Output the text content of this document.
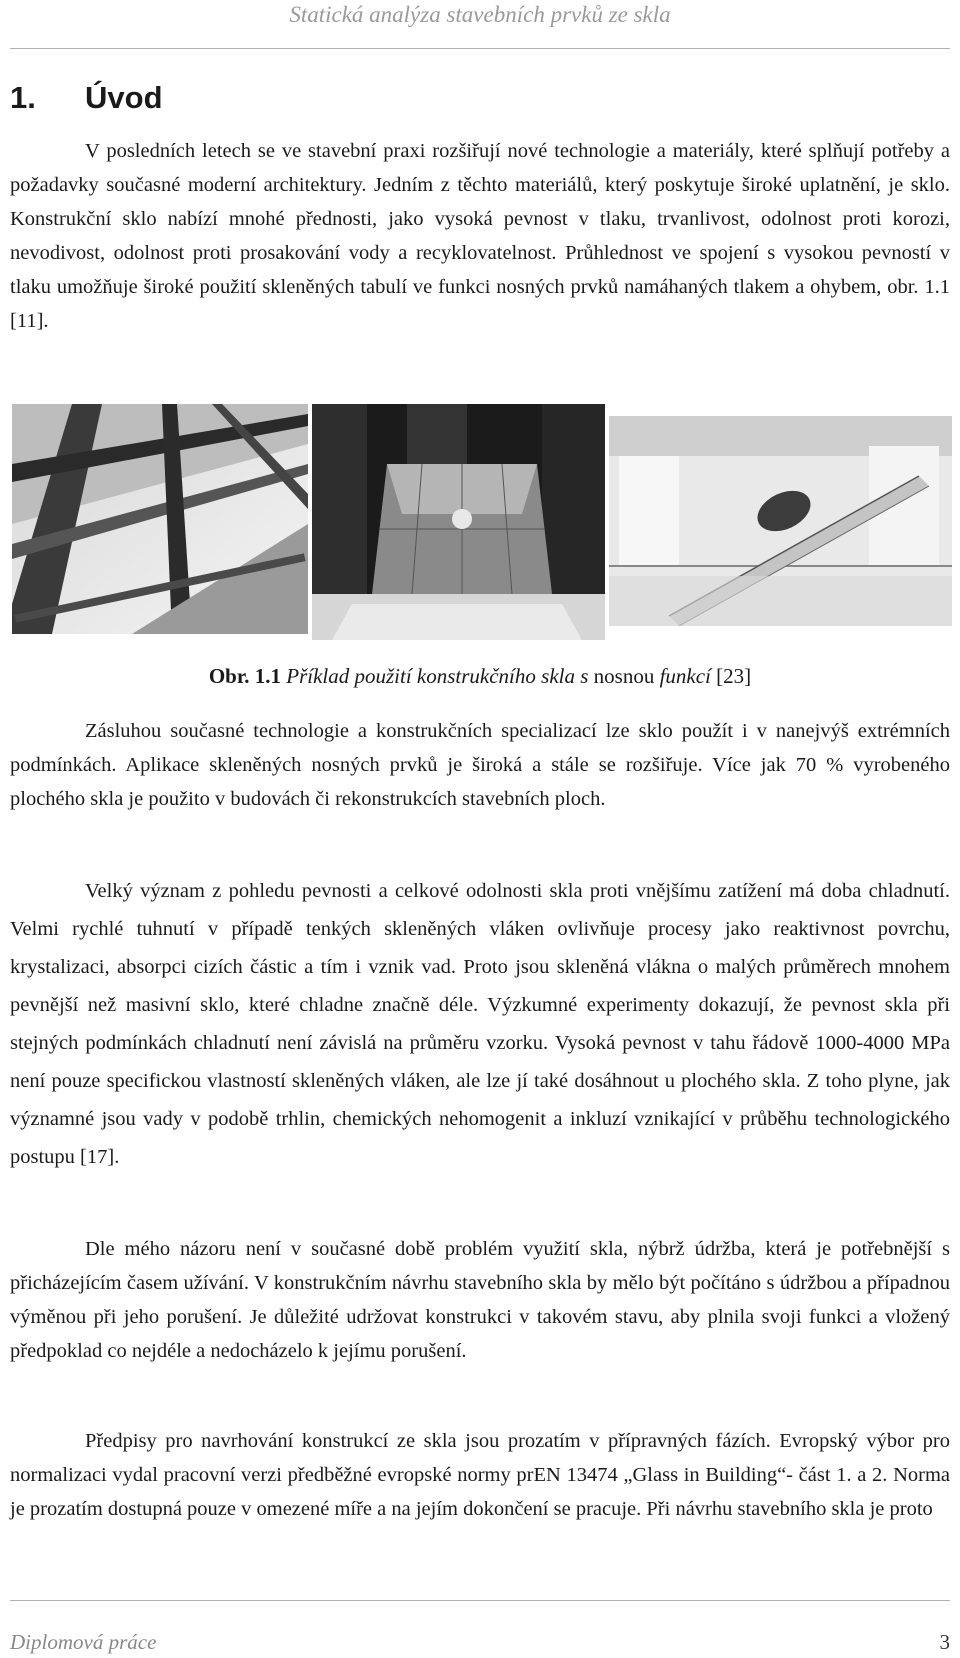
Statická analýza stavebních prvků ze skla
1. Úvod

V posledních letech se ve stavební praxi rozšiřují nové technologie a materiály, které splňují potřeby a požadavky současné moderní architektury. Jedním z těchto materiálů, který poskytuje široké uplatnění, je sklo. Konstrukční sklo nabízí mnohé přednosti, jako vysoká pevnost v tlaku, trvanlivost, odolnost proti korozi, nevodivost, odolnost proti prosakování vody a recyklovatelnost. Průhlednost ve spojení s vysokou pevností v tlaku umožňuje široké použití skleněných tabulí ve funkci nosných prvků namáhaných tlakem a ohybem, obr. 1.1 [11].

Obr. 1.1 Příklad použití konstrukčního skla s nosnou funkcí [23]

Zásluhou současné technologie a konstrukčních specializací lze sklo použít i v nanejvýš extrémních podmínkách. Aplikace skleněných nosných prvků je široká a stále se rozšiřuje. Více jak 70 % vyrobeného plochého skla je použito v budovách či rekonstrukcích stavebních ploch.

Velký význam z pohledu pevnosti a celkové odolnosti skla proti vnějšímu zatížení má doba chladnutí. Velmi rychlé tuhnutí v případě tenkých skleněných vláken ovlivňuje procesy jako reaktivnost povrchu, krystalizaci, absorpci cizích částic a tím i vznik vad. Proto jsou skleněná vlákna o malých průměrech mnohem pevnější než masivní sklo, které chladne značně déle. Výzkumné experimenty dokazují, že pevnost skla při stejných podmínkách chladnutí není závislá na průměru vzorku. Vysoká pevnost v tahu řádově 1000-4000 MPa není pouze specifickou vlastností skleněných vláken, ale lze jí také dosáhnout u plochého skla. Z toho plyne, jak významné jsou vady v podobě trhlin, chemických nehomogenit a inkluzí vznikající v průběhu technologického postupu [17].

Dle mého názoru není v současné době problém využití skla, nýbrž údržba, která je potřebnější s přicházejícím časem užívání. V konstrukčním návrhu stavebního skla by mělo být počítáno s údržbou a případnou výměnou při jeho porušení. Je důležité udržovat konstrukci v takovém stavu, aby plnila svoji funkci a vložený předpoklad co nejdéle a nedocházelo k jejímu porušení.

Předpisy pro navrhování konstrukcí ze skla jsou prozatím v přípravných fázích. Evropský výbor pro normalizaci vydal pracovní verzi předběžné evropské normy prEN 13474 „Glass in Building“- část 1. a 2. Norma je prozatím dostupná pouze v omezené míře a na jejím dokončení se pracuje. Při návrhu stavebního skla je proto

Diplomová práce	3
